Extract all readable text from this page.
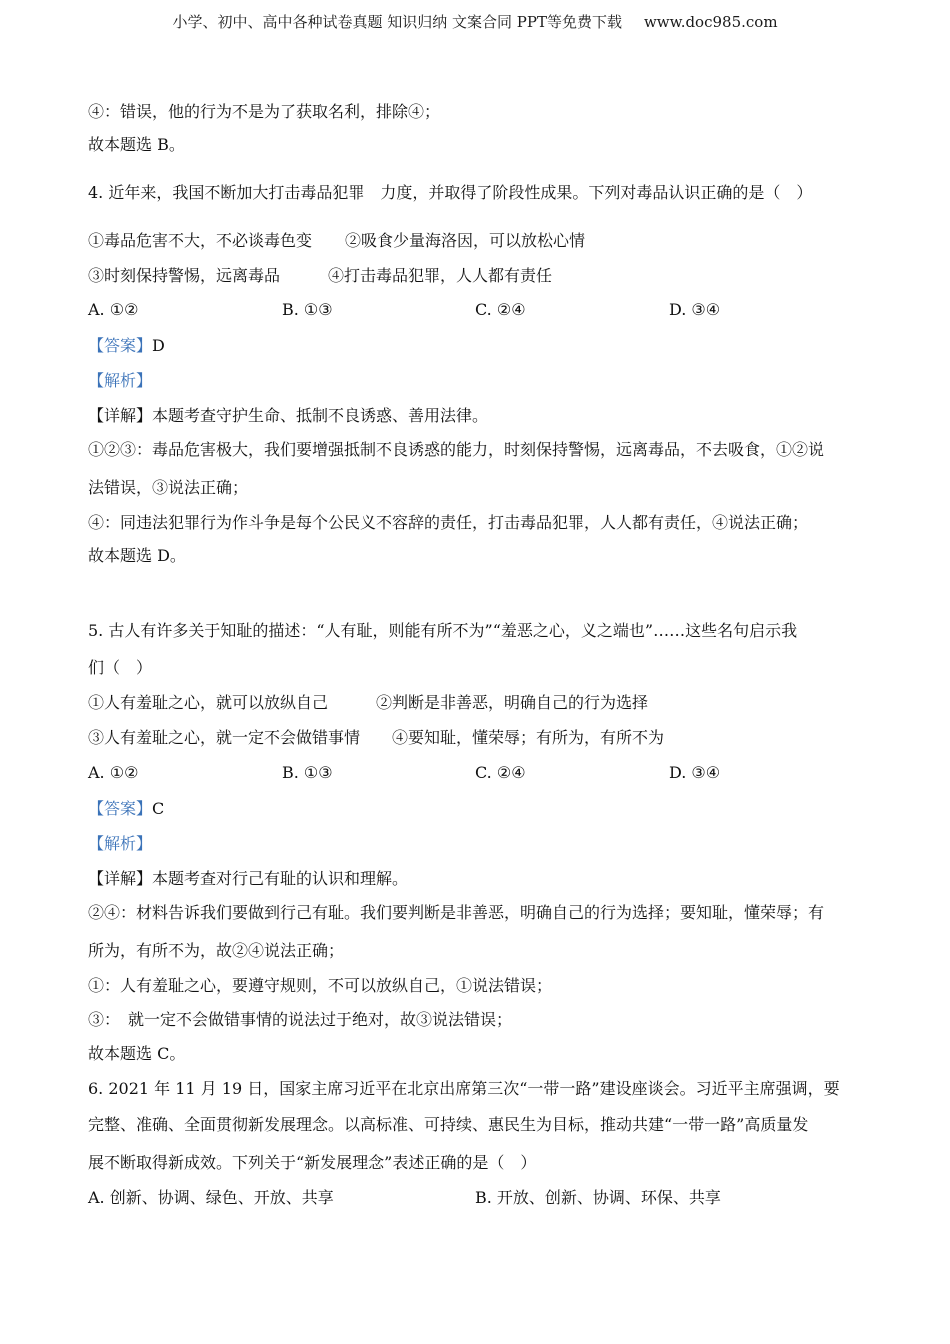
小学、初中、高中各种试卷真题 知识归纳 文案合同 PPT等免费下载 www.doc985.com
④：错误，他的行为不是为了获取名利，排除④；
故本题选 B。
4. 近年来，我国不断加大打击毒品犯罪　力度，并取得了阶段性成果。下列对毒品认识正确的是（　）
①毒品危害不大，不必谈毒色变 ②吸食少量海洛因，可以放松心情
③时刻保持警惕，远离毒品	④打击毒品犯罪，人人都有责任
A. ①②	B. ①③	C. ②④	D. ③④
【答案】D
【解析】
【详解】本题考查守护生命、抵制不良诱惑、善用法律。
①②③：毒品危害极大，我们要增强抵制不良诱惑的能力，时刻保持警惕，远离毒品，不去吸食，①②说
法错误，③说法正确；
④：同违法犯罪行为作斗争是每个公民义不容辞的责任，打击毒品犯罪，人人都有责任，④说法正确；
故本题选 D。
5. 古人有许多关于知耻的描述：“人有耻，则能有所不为”“羞恶之心，义之端也”……这些名句启示我
们（　）
①人有羞耻之心，就可以放纵自己	②判断是非善恶，明确自己的行为选择
③人有羞耻之心，就一定不会做错事情 ④要知耻，懂荣辱；有所为，有所不为
A. ①②	B. ①③	C. ②④	D. ③④
【答案】C
【解析】
【详解】本题考查对行己有耻的认识和理解。
②④：材料告诉我们要做到行己有耻。我们要判断是非善恶，明确自己的行为选择；要知耻，懂荣辱；有
所为，有所不为，故②④说法正确；
①：人有羞耻之心，要遵守规则，不可以放纵自己，①说法错误；
③：　就一定不会做错事情的说法过于绝对，故③说法错误；
故本题选 C。
6. 2021 年 11 月 19 日，国家主席习近平在北京出席第三次“一带一路”建设座谈会。习近平主席强调，要
完整、准确、全面贯彻新发展理念。以高标准、可持续、惠民生为目标，推动共建“一带一路”高质量发
展不断取得新成效。下列关于“新发展理念”表述正确的是（　）
A. 创新、协调、绿色、开放、共享	B. 开放、创新、协调、环保、共享
